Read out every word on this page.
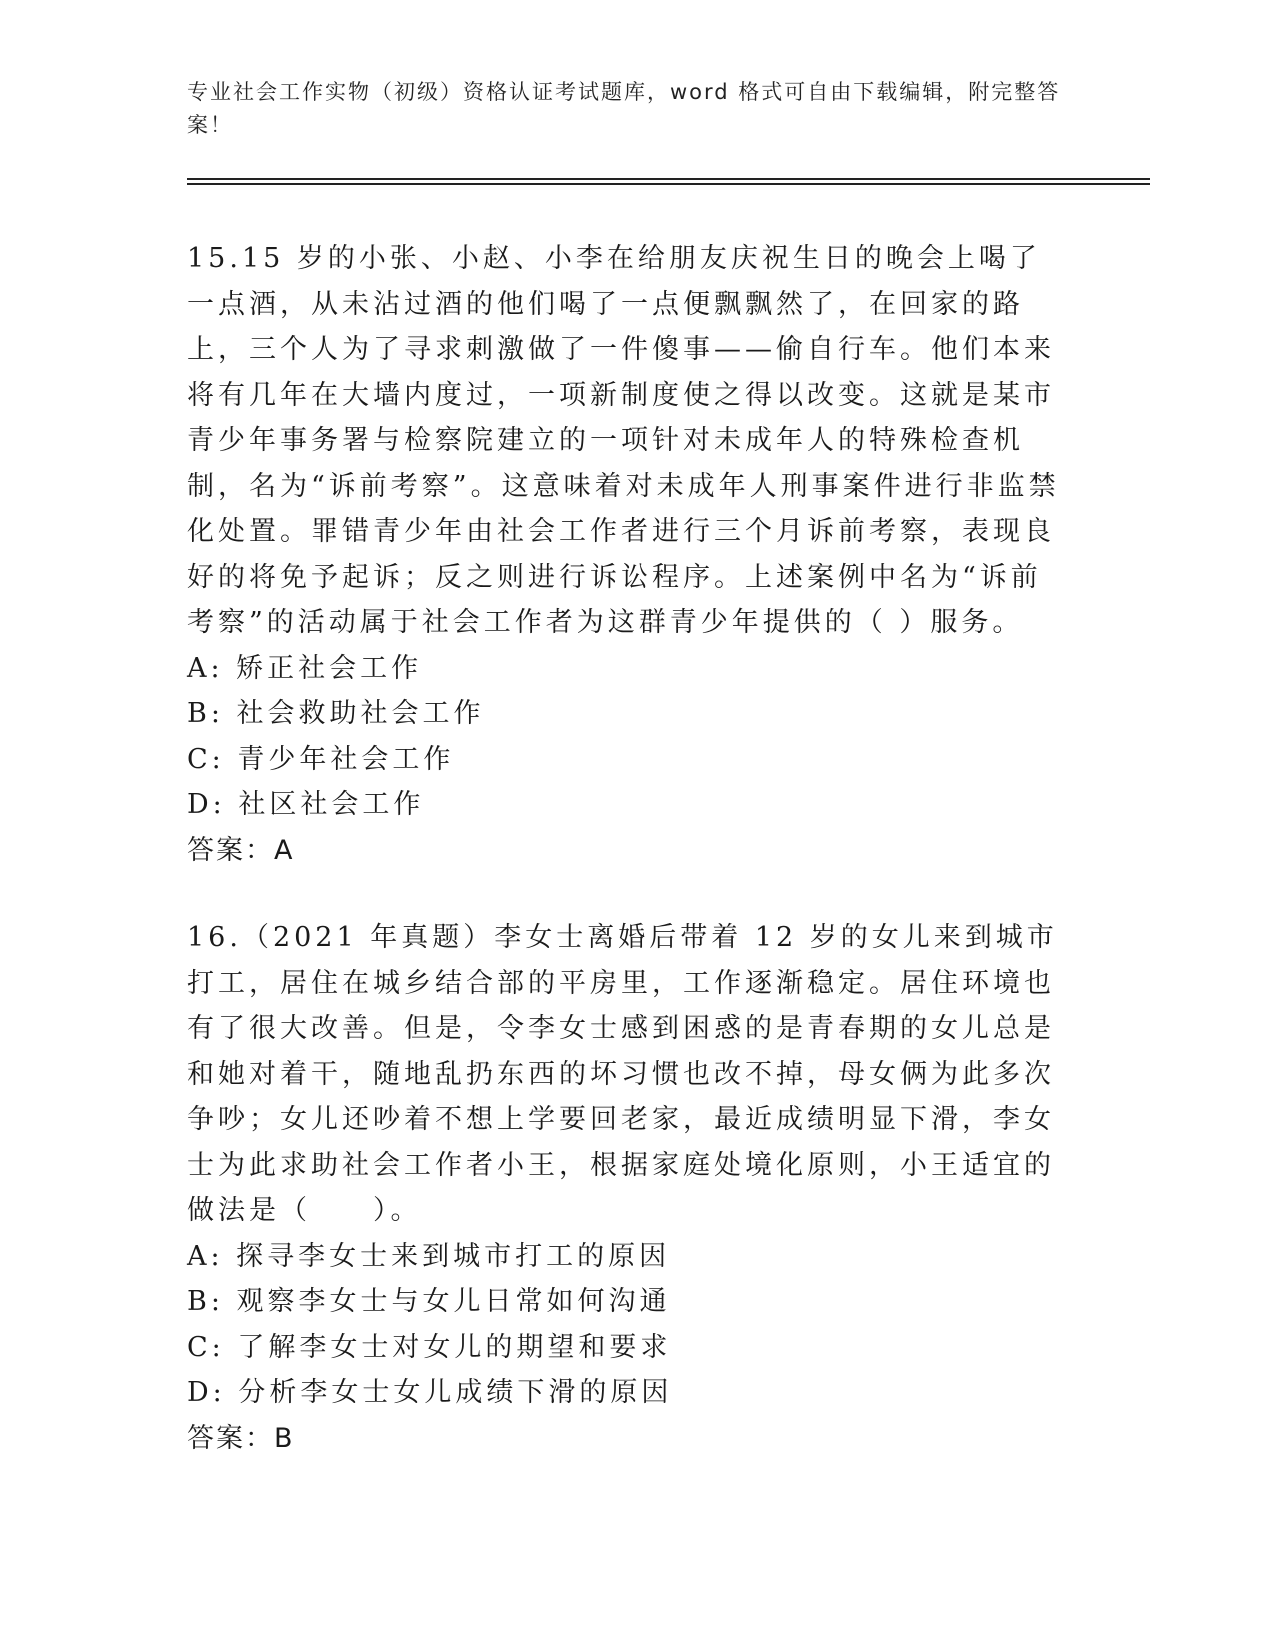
专业社会工作实物（初级）资格认证考试题库，word 格式可自由下载编辑，附完整答案！

15.15 岁的小张、小赵、小李在给朋友庆祝生日的晚会上喝了一点酒，从未沾过酒的他们喝了一点便飘飘然了，在回家的路上，三个人为了寻求刺激做了一件傻事——偷自行车。他们本来将有几年在大墙内度过，一项新制度使之得以改变。这就是某市青少年事务署与检察院建立的一项针对未成年人的特殊检查机制，名为“诉前考察”。这意味着对未成年人刑事案件进行非监禁化处置。罪错青少年由社会工作者进行三个月诉前考察，表现良好的将免予起诉；反之则进行诉讼程序。上述案例中名为“诉前考察”的活动属于社会工作者为这群青少年提供的（ ）服务。

A: 矫正社会工作

B: 社会救助社会工作

C: 青少年社会工作

D: 社区社会工作

答案：A

16.（2021 年真题）李女士离婚后带着 12 岁的女儿来到城市打工，居住在城乡结合部的平房里，工作逐渐稳定。居住环境也有了很大改善。但是，令李女士感到困惑的是青春期的女儿总是和她对着干，随地乱扔东西的坏习惯也改不掉，母女俩为此多次争吵；女儿还吵着不想上学要回老家，最近成绩明显下滑，李女士为此求助社会工作者小王，根据家庭处境化原则，小王适宜的做法是（　　）。

A: 探寻李女士来到城市打工的原因

B: 观察李女士与女儿日常如何沟通

C: 了解李女士对女儿的期望和要求

D: 分析李女士女儿成绩下滑的原因

答案：B
